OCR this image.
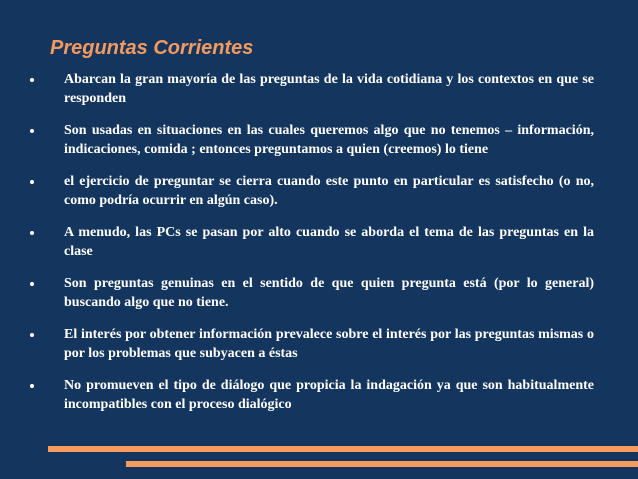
Preguntas Corrientes
Abarcan la gran mayoría de las preguntas de la vida cotidiana y los contextos en que se responden
Son usadas en situaciones en las cuales queremos algo que no tenemos – información, indicaciones, comida ; entonces preguntamos a quien (creemos) lo tiene
el ejercicio de preguntar se cierra cuando este punto en particular es satisfecho (o no, como podría ocurrir en algún caso).
A menudo, las PCs se pasan por alto cuando se aborda el tema de las preguntas en la clase
Son preguntas genuinas en el sentido de que quien pregunta está (por lo general) buscando algo que no tiene.
El interés por obtener información prevalece sobre el interés por las preguntas mismas o por los problemas que subyacen a éstas
No promueven el tipo de diálogo que propicia la indagación ya que son habitualmente incompatibles con el proceso dialógico
